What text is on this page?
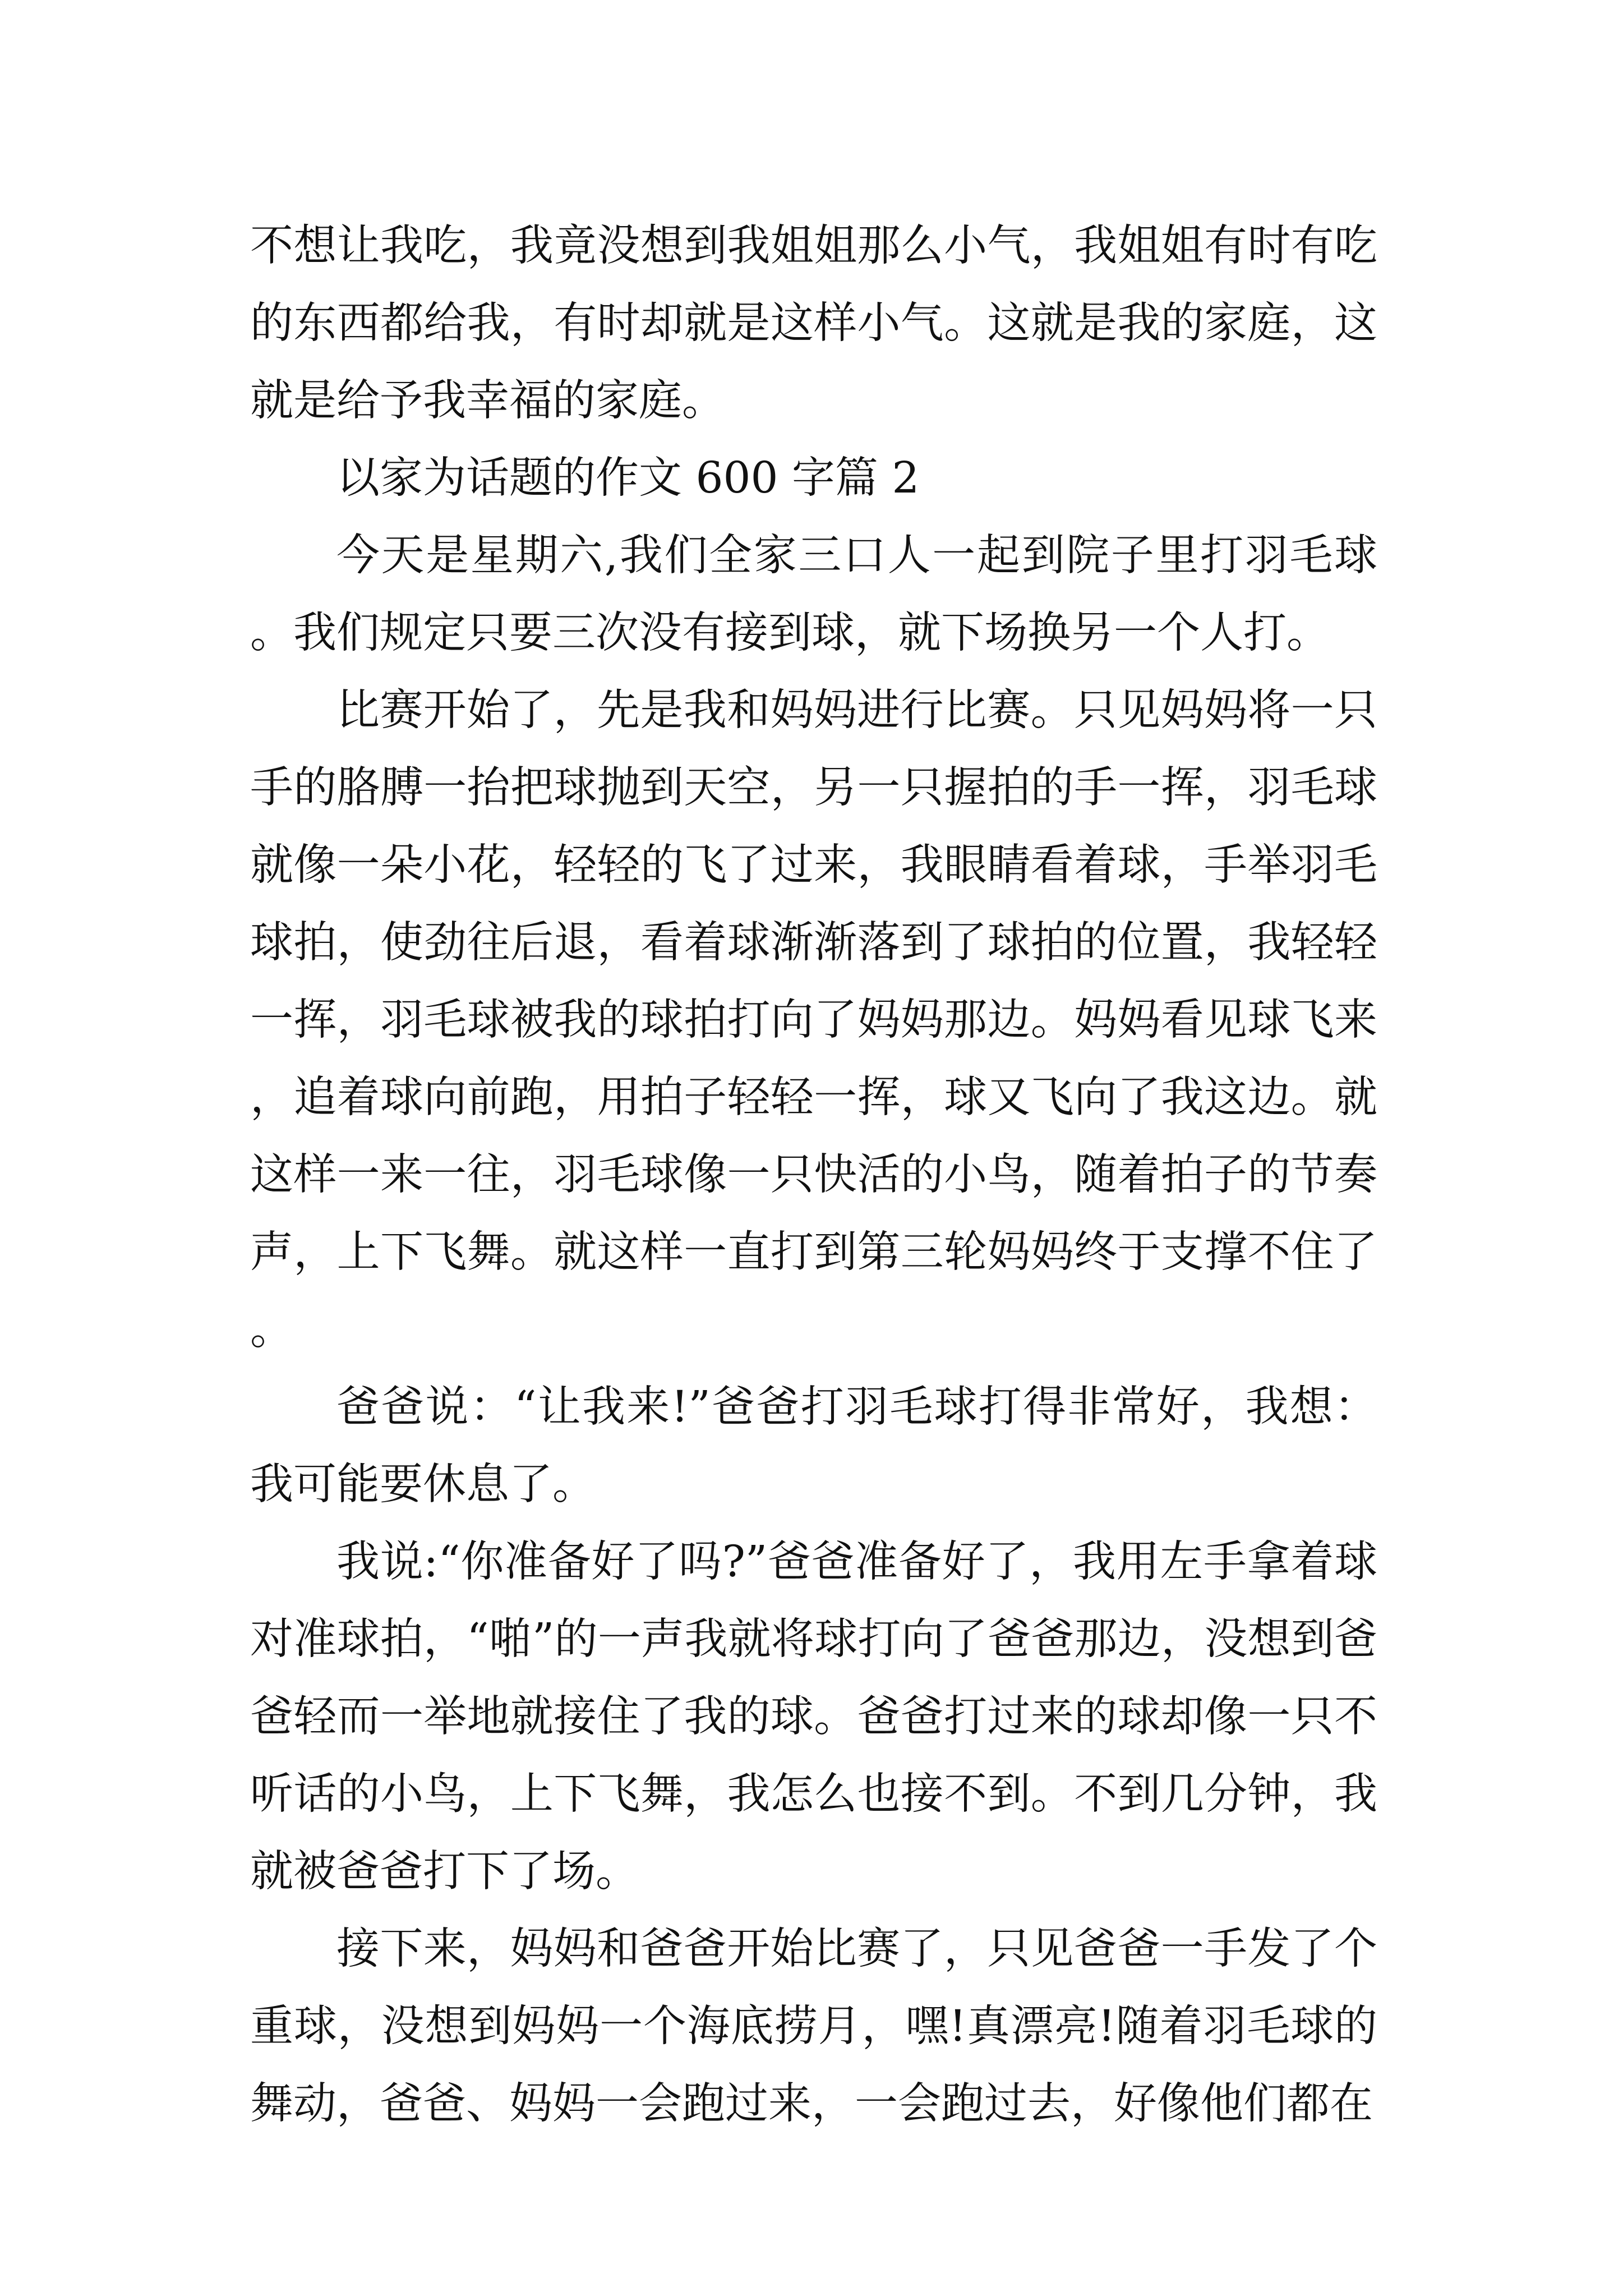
不想让我吃，我竟没想到我姐姐那么小气，我姐姐有时有吃的东西都给我，有时却就是这样小气。这就是我的家庭，这就是给予我幸福的家庭。

以家为话题的作文 600 字篇 2

今天是星期六,我们全家三口人一起到院子里打羽毛球。我们规定只要三次没有接到球，就下场换另一个人打。

比赛开始了，先是我和妈妈进行比赛。只见妈妈将一只手的胳膊一抬把球抛到天空，另一只握拍的手一挥，羽毛球就像一朵小花，轻轻的飞了过来，我眼睛看着球，手举羽毛球拍，使劲往后退，看着球渐渐落到了球拍的位置，我轻轻一挥，羽毛球被我的球拍打向了妈妈那边。妈妈看见球飞来，追着球向前跑，用拍子轻轻一挥，球又飞向了我这边。就这样一来一往，羽毛球像一只快活的小鸟，随着拍子的节奏声，上下飞舞。就这样一直打到第三轮妈妈终于支撑不住了。

爸爸说：“让我来!”爸爸打羽毛球打得非常好，我想：我可能要休息了。

我说:“你准备好了吗?”爸爸准备好了，我用左手拿着球对准球拍，“啪”的一声我就将球打向了爸爸那边，没想到爸爸轻而一举地就接住了我的球。爸爸打过来的球却像一只不听话的小鸟，上下飞舞，我怎么也接不到。不到几分钟，我就被爸爸打下了场。

接下来，妈妈和爸爸开始比赛了，只见爸爸一手发了个重球，没想到妈妈一个海底捞月，嘿!真漂亮!随着羽毛球的舞动，爸爸、妈妈一会跑过来，一会跑过去，好像他们都在
